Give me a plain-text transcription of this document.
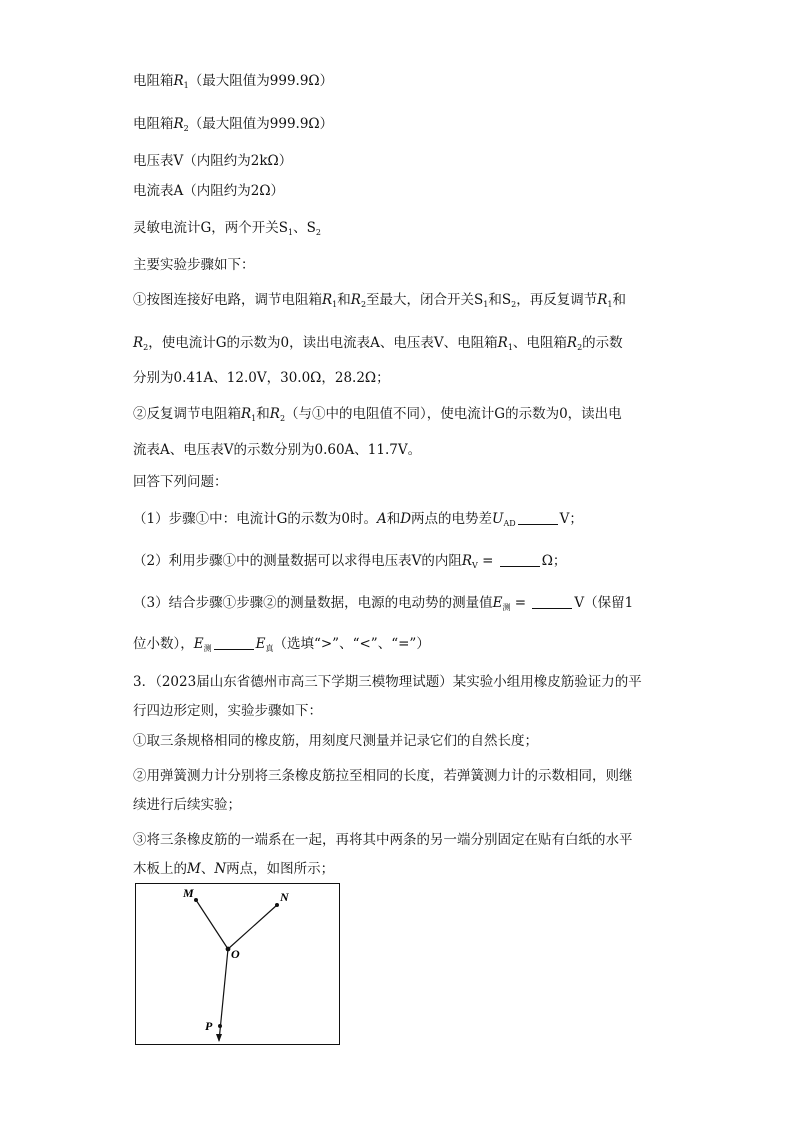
电阻箱$R_1$（最大阻值为999.9Ω）
电阻箱$R_2$（最大阻值为999.9Ω）
电压表V（内阻约为2kΩ）
电流表A（内阻约为2Ω）
灵敏电流计G，两个开关$S_1$、$S_2$
主要实验步骤如下：
①按图连接好电路，调节电阻箱$R_1$和$R_2$至最大，闭合开关$S_1$和$S_2$，再反复调节$R_1$和
$R_2$，使电流计G的示数为0，读出电流表A、电压表V、电阻箱$R_1$、电阻箱$R_2$的示数
分别为0.41A、12.0V，30.0Ω，28.2Ω；
②反复调节电阻箱$R_1$和$R_2$（与①中的电阻值不同），使电流计G的示数为0，读出电
流表A、电压表V的示数分别为0.60A、11.7V。
回答下列问题：
（1）步骤①中：电流计G的示数为0时。A和D两点的电势差$U_{AD}$	V；
（2）利用步骤①中的测量数据可以求得电压表V的内阻$R_V$ =	Ω；
（3）结合步骤①步骤②的测量数据，电源的电动势的测量值$E_测$ =	V（保留1
位小数），$E_测$	$E_真$（选填“>”、“<”、“=”）
3．（2023届山东省德州市高三下学期三模物理试题）某实验小组用橡皮筋验证力的平
行四边形定则，实验步骤如下：
①取三条规格相同的橡皮筋，用刻度尺测量并记录它们的自然长度；
②用弹簧测力计分别将三条橡皮筋拉至相同的长度，若弹簧测力计的示数相同，则继
续进行后续实验；
③将三条橡皮筋的一端系在一起，再将其中两条的另一端分别固定在贴有白纸的水平
木板上的M、N两点，如图所示；
M	N
O
P
